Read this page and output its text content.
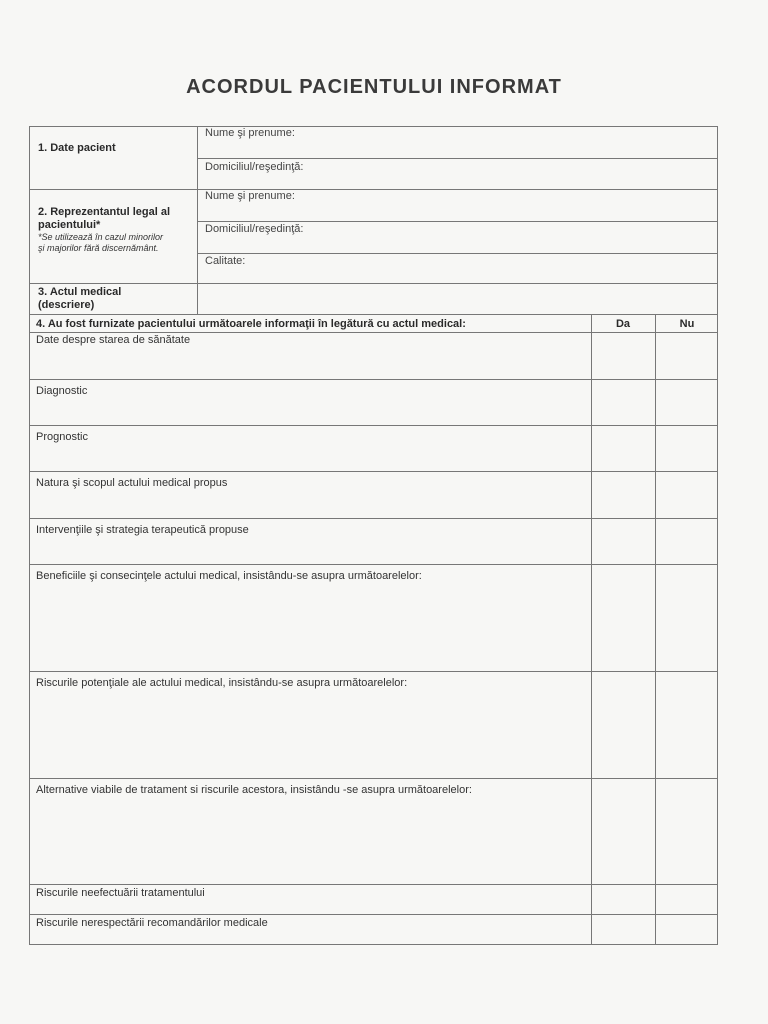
ACORDUL PACIENTULUI INFORMAT
1. Date pacient
Nume şi prenume:
Domiciliul/reşedinţă:
2. Reprezentantul legal al
pacientului*
*Se utilizează în cazul minorilor
şi majorilor fără discernământ.
Nume şi prenume:
Domiciliul/reşedinţă:
Calitate:
3. Actul medical
(descriere)
4. Au fost furnizate pacientului următoarele informaţii în legătură cu actul medical:	Da	Nu
Date despre starea de sănătate
Diagnostic
Prognostic
Natura şi scopul actului medical propus
Intervenţiile şi strategia terapeutică propuse
Beneficiile şi consecinţele actului medical, insistându-se asupra următoarelelor:
Riscurile potenţiale ale actului medical, insistându-se asupra următoarelelor:
Alternative viabile de tratament si riscurile acestora, insistându -se asupra următoarelelor:
Riscurile neefectuării tratamentului
Riscurile nerespectării recomandărilor medicale
